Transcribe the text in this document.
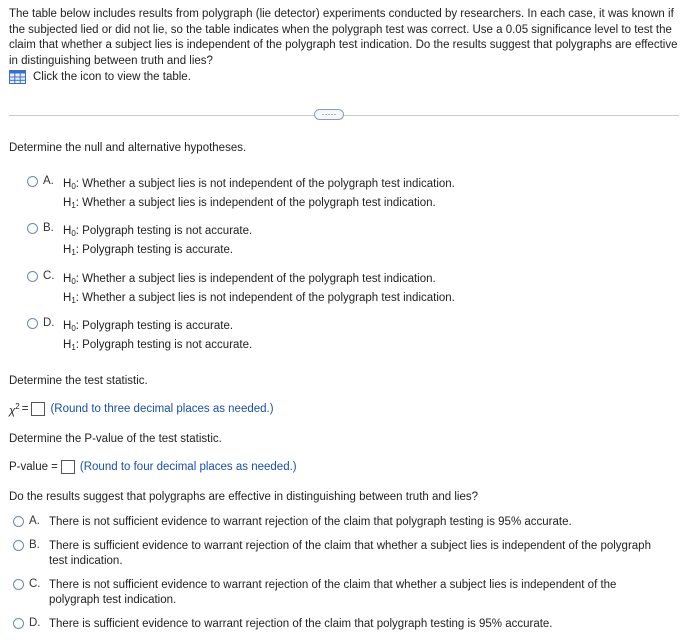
The table below includes results from polygraph (lie detector) experiments conducted by researchers. In each case, it was known if the subjected lied or did not lie, so the table indicates when the polygraph test was correct. Use a 0.05 significance level to test the claim that whether a subject lies is independent of the polygraph test indication. Do the results suggest that polygraphs are effective in distinguishing between truth and lies?
Click the icon to view the table.
·····
Determine the null and alternative hypotheses.
A. $H_0$: Whether a subject lies is not independent of the polygraph test indication.
$H_1$: Whether a subject lies is independent of the polygraph test indication.
B. $H_0$: Polygraph testing is not accurate.
$H_1$: Polygraph testing is accurate.
C. $H_0$: Whether a subject lies is independent of the polygraph test indication.
$H_1$: Whether a subject lies is not independent of the polygraph test indication.
D. $H_0$: Polygraph testing is accurate.
$H_1$: Polygraph testing is not accurate.
Determine the test statistic.
$\chi^2$ = (Round to three decimal places as needed.)
Determine the P-value of the test statistic.
P-value = (Round to four decimal places as needed.)
Do the results suggest that polygraphs are effective in distinguishing between truth and lies?
A. There is not sufficient evidence to warrant rejection of the claim that polygraph testing is 95% accurate.
B. There is sufficient evidence to warrant rejection of the claim that whether a subject lies is independent of the polygraph
test indication.
C. There is not sufficient evidence to warrant rejection of the claim that whether a subject lies is independent of the
polygraph test indication.
D. There is sufficient evidence to warrant rejection of the claim that polygraph testing is 95% accurate.
